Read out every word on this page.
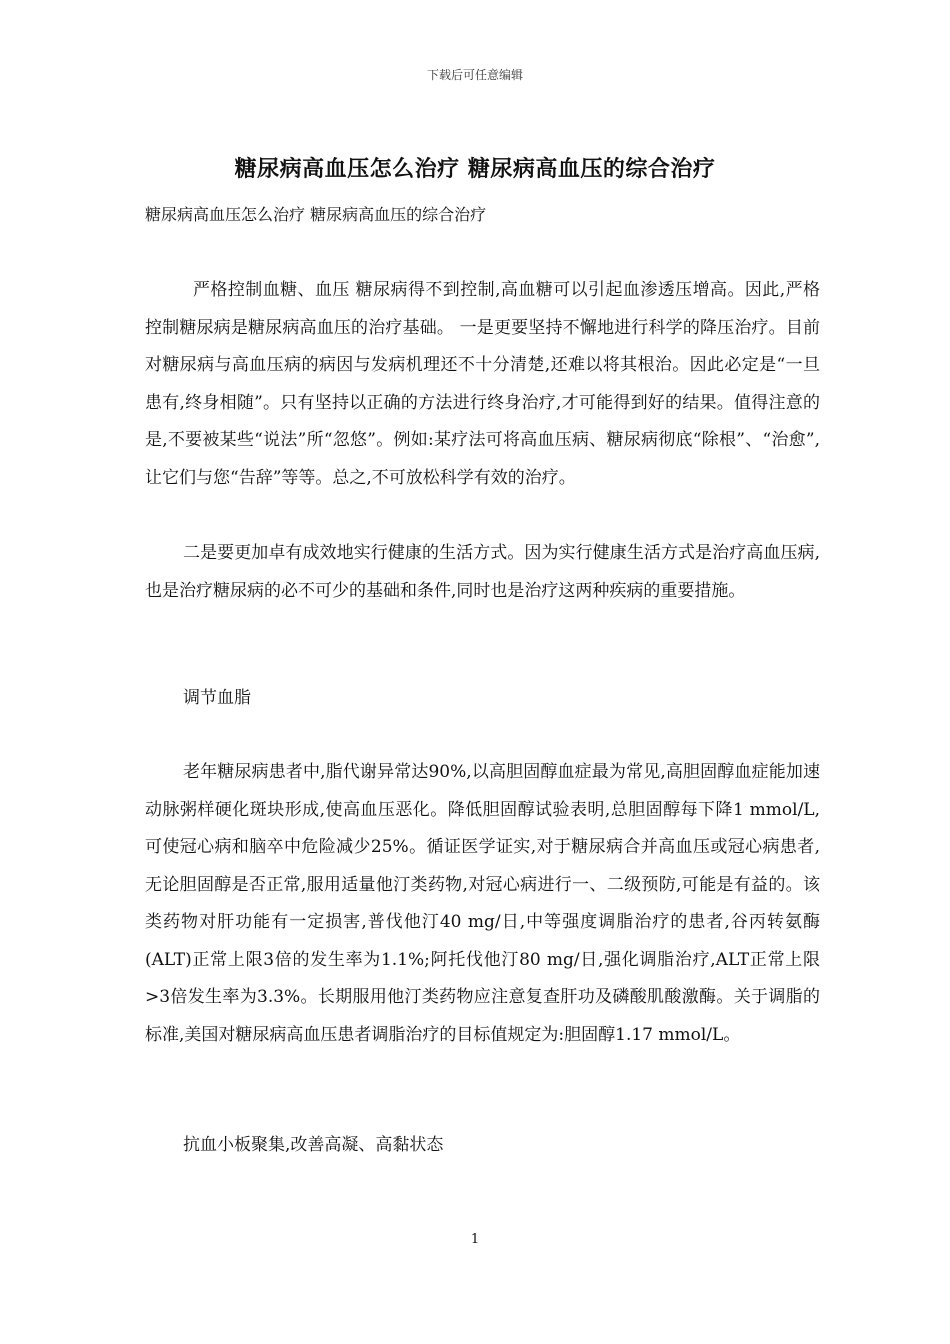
下载后可任意编辑
糖尿病高血压怎么治疗 糖尿病高血压的综合治疗

糖尿病高血压怎么治疗 糖尿病高血压的综合治疗

严格控制血糖、血压 糖尿病得不到控制,高血糖可以引起血渗透压增高。因此,严格控制糖尿病是糖尿病高血压的治疗基础。 一是更要坚持不懈地进行科学的降压治疗。目前对糖尿病与高血压病的病因与发病机理还不十分清楚,还难以将其根治。因此必定是“一旦患有,终身相随”。只有坚持以正确的方法进行终身治疗,才可能得到好的结果。值得注意的是,不要被某些“说法”所“忽悠”。例如:某疗法可将高血压病、糖尿病彻底“除根”、“治愈”,让它们与您“告辞”等等。总之,不可放松科学有效的治疗。

二是要更加卓有成效地实行健康的生活方式。因为实行健康生活方式是治疗高血压病,也是治疗糖尿病的必不可少的基础和条件,同时也是治疗这两种疾病的重要措施。

调节血脂

老年糖尿病患者中,脂代谢异常达90%,以高胆固醇血症最为常见,高胆固醇血症能加速动脉粥样硬化斑块形成,使高血压恶化。降低胆固醇试验表明,总胆固醇每下降1 mmol/L,可使冠心病和脑卒中危险减少25%。循证医学证实,对于糖尿病合并高血压或冠心病患者,无论胆固醇是否正常,服用适量他汀类药物,对冠心病进行一、二级预防,可能是有益的。该类药物对肝功能有一定损害,普伐他汀40 mg/日,中等强度调脂治疗的患者,谷丙转氨酶(ALT)正常上限3倍的发生率为1.1%;阿托伐他汀80 mg/日,强化调脂治疗,ALT正常上限>3倍发生率为3.3%。长期服用他汀类药物应注意复查肝功及磷酸肌酸激酶。关于调脂的标准,美国对糖尿病高血压患者调脂治疗的目标值规定为:胆固醇1.17 mmol/L。

抗血小板聚集,改善高凝、高黏状态

1
